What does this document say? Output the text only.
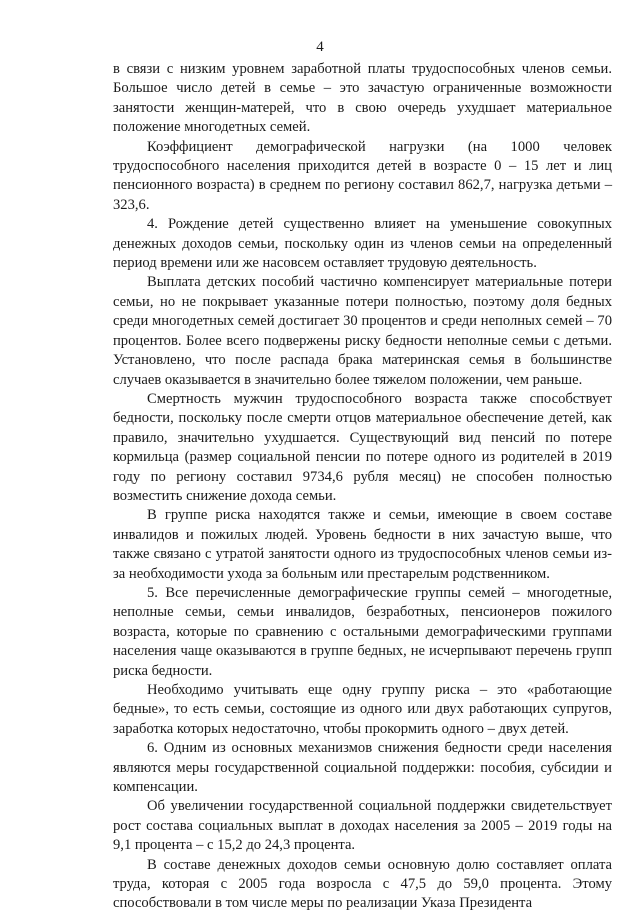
4

в связи с низким уровнем заработной платы трудоспособных членов семьи. Большое число детей в семье – это зачастую ограниченные возможности занятости женщин-матерей, что в свою очередь ухудшает материальное положение многодетных семей.

Коэффициент демографической нагрузки (на 1000 человек трудоспособного населения приходится детей в возрасте 0 – 15 лет и лиц пенсионного возраста) в среднем по региону составил 862,7, нагрузка детьми – 323,6.

4. Рождение детей существенно влияет на уменьшение совокупных денежных доходов семьи, поскольку один из членов семьи на определенный период времени или же насовсем оставляет трудовую деятельность.

Выплата детских пособий частично компенсирует материальные потери семьи, но не покрывает указанные потери полностью, поэтому доля бедных среди многодетных семей достигает 30 процентов и среди неполных семей – 70 процентов. Более всего подвержены риску бедности неполные семьи с детьми. Установлено, что после распада брака материнская семья в большинстве случаев оказывается в значительно более тяжелом положении, чем раньше.

Смертность мужчин трудоспособного возраста также способствует бедности, поскольку после смерти отцов материальное обеспечение детей, как правило, значительно ухудшается. Существующий вид пенсий по потере кормильца (размер социальной пенсии по потере одного из родителей в 2019 году по региону составил 9734,6 рубля месяц) не способен полностью возместить снижение дохода семьи.

В группе риска находятся также и семьи, имеющие в своем составе инвалидов и пожилых людей. Уровень бедности в них зачастую выше, что также связано с утратой занятости одного из трудоспособных членов семьи из-за необходимости ухода за больным или престарелым родственником.

5. Все перечисленные демографические группы семей – многодетные, неполные семьи, семьи инвалидов, безработных, пенсионеров пожилого возраста, которые по сравнению с остальными демографическими группами населения чаще оказываются в группе бедных, не исчерпывают перечень групп риска бедности.

Необходимо учитывать еще одну группу риска – это «работающие бедные», то есть семьи, состоящие из одного или двух работающих супругов, заработка которых недостаточно, чтобы прокормить одного – двух детей.

6. Одним из основных механизмов снижения бедности среди населения являются меры государственной социальной поддержки: пособия, субсидии и компенсации.

Об увеличении государственной социальной поддержки свидетельствует рост состава социальных выплат в доходах населения за 2005 – 2019 годы на 9,1 процента – с 15,2 до 24,3 процента.

В составе денежных доходов семьи основную долю составляет оплата труда, которая с 2005 года возросла с 47,5 до 59,0 процента. Этому способствовали в том числе меры по реализации Указа Президента
